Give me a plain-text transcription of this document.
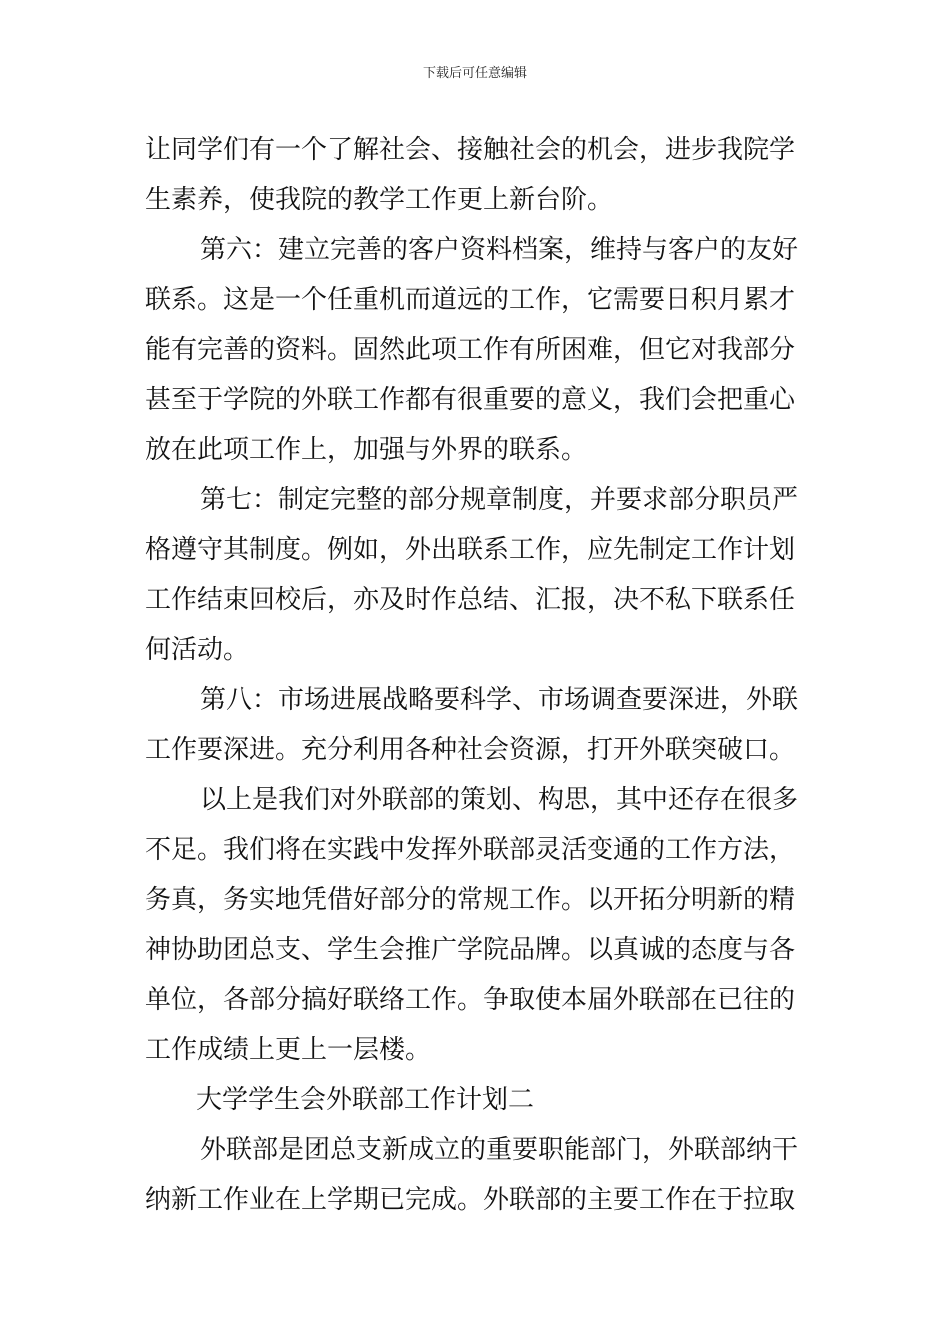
下载后可任意编辑
让同学们有一个了解社会、接触社会的机会，进步我院学
生素养，使我院的教学工作更上新台阶。
第六：建立完善的客户资料档案，维持与客户的友好
联系。这是一个任重机而道远的工作，它需要日积月累才
能有完善的资料。固然此项工作有所困难，但它对我部分
甚至于学院的外联工作都有很重要的意义，我们会把重心
放在此项工作上，加强与外界的联系。
第七：制定完整的部分规章制度，并要求部分职员严
格遵守其制度。例如，外出联系工作，应先制定工作计划
工作结束回校后，亦及时作总结、汇报，决不私下联系任
何活动。
第八：市场进展战略要科学、市场调查要深进，外联
工作要深进。充分利用各种社会资源，打开外联突破口。
以上是我们对外联部的策划、构思，其中还存在很多
不足。我们将在实践中发挥外联部灵活变通的工作方法，
务真，务实地凭借好部分的常规工作。以开拓分明新的精
神协助团总支、学生会推广学院品牌。以真诚的态度与各
单位，各部分搞好联络工作。争取使本届外联部在已往的
工作成绩上更上一层楼。
大学学生会外联部工作计划二
外联部是团总支新成立的重要职能部门，外联部纳干
纳新工作业在上学期已完成。外联部的主要工作在于拉取
